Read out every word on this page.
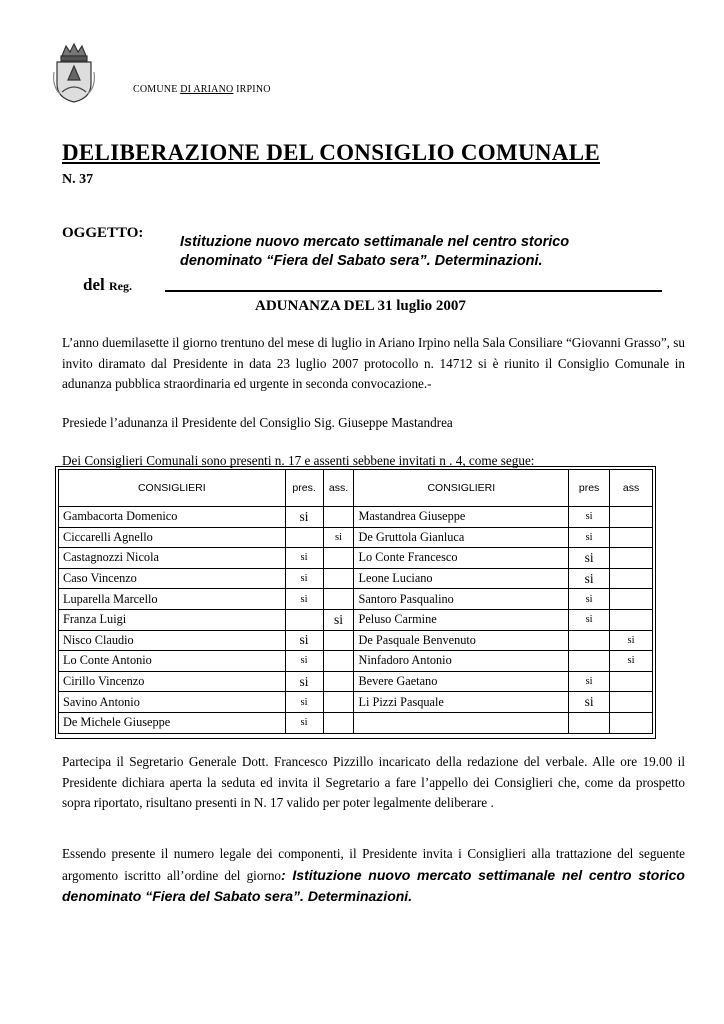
COMUNE DI ARIANO IRPINO
DELIBERAZIONE DEL CONSIGLIO COMUNALE
N. 37
OGGETTO:
Istituzione nuovo mercato settimanale nel centro storico
denominato “Fiera del Sabato sera”. Determinazioni.
del Reg.
ADUNANZA DEL 31 luglio 2007
L’anno duemilasette il giorno trentuno del mese di luglio in Ariano Irpino nella Sala Consiliare “Giovanni Grasso”, su invito diramato dal Presidente in data 23 luglio 2007 protocollo n. 14712 si è riunito il Consiglio Comunale in adunanza pubblica straordinaria ed urgente in seconda convocazione.-
Presiede l’adunanza il Presidente del Consiglio Sig. Giuseppe Mastandrea
Dei Consiglieri Comunali sono presenti n. 17 e assenti sebbene invitati n . 4, come segue:
CONSIGLIERI	pres.	ass.	CONSIGLIERI	pres	ass
Gambacorta Domenico	si		Mastandrea Giuseppe	si	
Ciccarelli Agnello		si	De Gruttola Gianluca	si	
Castagnozzi Nicola	si		Lo Conte Francesco	si	
Caso Vincenzo	si		Leone Luciano	si	
Luparella Marcello	si		Santoro Pasqualino	si	
Franza Luigi		si	Peluso Carmine	si	
Nisco Claudio	si		De Pasquale Benvenuto		si
Lo Conte Antonio	si		Ninfadoro Antonio		si
Cirillo Vincenzo	si		Bevere Gaetano	si	
Savino Antonio	si		Li Pizzi Pasquale	si	
De Michele Giuseppe	si				
Partecipa il Segretario Generale Dott. Francesco Pizzillo incaricato della redazione del verbale. Alle ore 19.00 il Presidente dichiara aperta la seduta ed invita il Segretario a fare l’appello dei Consiglieri che, come da prospetto sopra riportato, risultano presenti in N. 17 valido per poter legalmente deliberare .
Essendo presente il numero legale dei componenti, il Presidente invita i Consiglieri alla trattazione del seguente argomento iscritto all’ordine del giorno: Istituzione nuovo mercato settimanale nel centro storico denominato “Fiera del Sabato sera”. Determinazioni.
